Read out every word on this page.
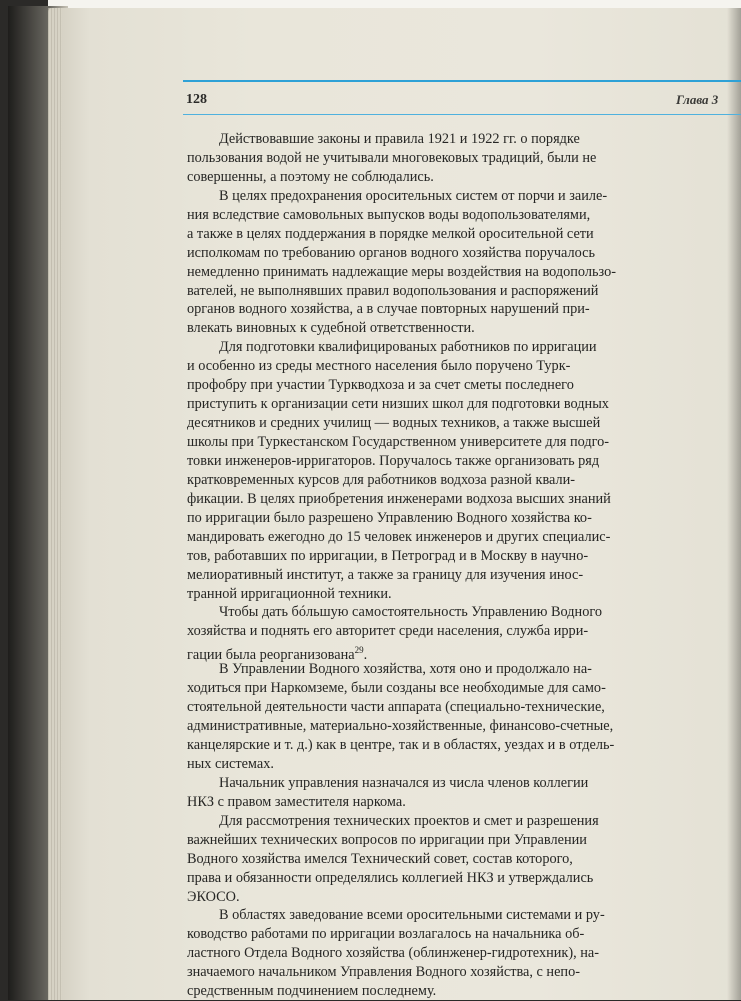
128	Глава 3
Действовавшие законы и правила 1921 и 1922 гг. о порядке
пользования водой не учитывали многовековых традиций, были не
совершенны, а поэтому не соблюдались.
В целях предохранения оросительных систем от порчи и заиле-
ния вследствие самовольных выпусков воды водопользователями,
а также в целях поддержания в порядке мелкой оросительной сети
исполкомам по требованию органов водного хозяйства поручалось
немедленно принимать надлежащие меры воздействия на водопользо-
вателей, не выполнявших правил водопользования и распоряжений
органов водного хозяйства, а в случае повторных нарушений при-
влекать виновных к судебной ответственности.
Для подготовки квалифицированых работников по ирригации
и особенно из среды местного населения было поручено Турк-
профобру при участии Туркводхоза и за счет сметы последнего
приступить к организации сети низших школ для подготовки водных
десятников и средних училищ — водных техников, а также высшей
школы при Туркестанском Государственном университете для подго-
товки инженеров-ирригаторов. Поручалось также организовать ряд
кратковременных курсов для работников водхоза разной квали-
фикации. В целях приобретения инженерами водхоза высших знаний
по ирригации было разрешено Управлению Водного хозяйства ко-
мандировать ежегодно до 15 человек инженеров и других специалис-
тов, работавших по ирригации, в Петроград и в Москву в научно-
мелиоративный институт, а также за границу для изучения инос-
транной ирригационной техники.
Чтобы дать бóльшую самостоятельность Управлению Водного
хозяйства и поднять его авторитет среди населения, служба ирри-
гации была реорганизована$^{29}$.
В Управлении Водного хозяйства, хотя оно и продолжало на-
ходиться при Наркомземе, были созданы все необходимые для само-
стоятельной деятельности части аппарата (специально-технические,
административные, материально-хозяйственные, финансово-счетные,
канцелярские и т. д.) как в центре, так и в областях, уездах и в отдель-
ных системах.
Начальник управления назначался из числа членов коллегии
НКЗ с правом заместителя наркома.
Для рассмотрения технических проектов и смет и разрешения
важнейших технических вопросов по ирригации при Управлении
Водного хозяйства имелся Технический совет, состав которого,
права и обязанности определялись коллегией НКЗ и утверждались
ЭКОСО.
В областях заведование всеми оросительными системами и ру-
ководство работами по ирригации возлагалось на начальника об-
ластного Отдела Водного хозяйства (облинженер-гидротехник), на-
значаемого начальником Управления Водного хозяйства, с непо-
средственным подчинением последнему.
